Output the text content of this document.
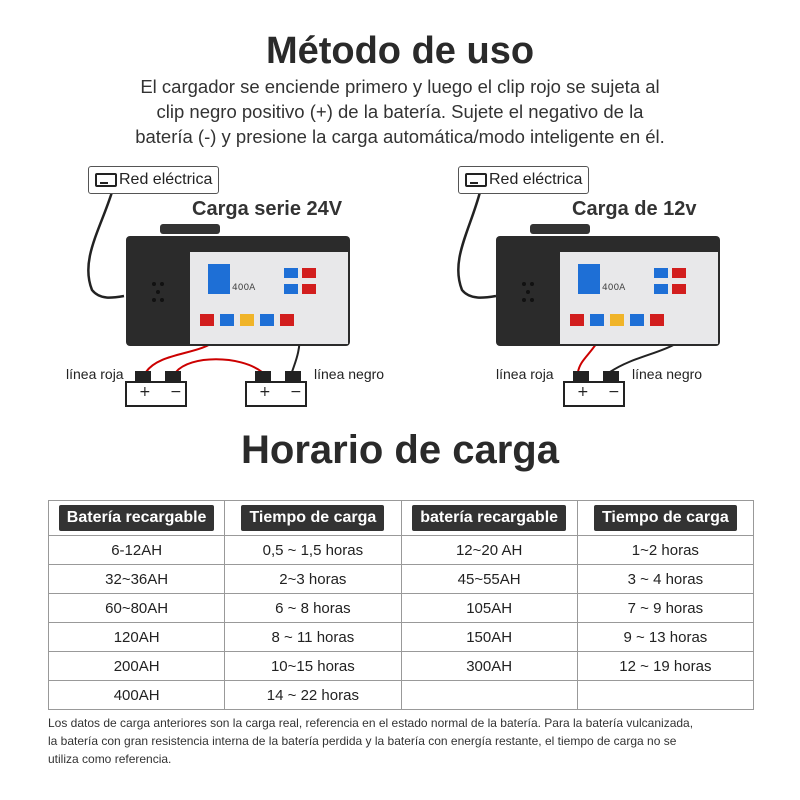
Método de uso
El cargador se enciende primero y luego el clip rojo se sujeta al
clip negro positivo (+) de la batería. Sujete el negativo de la
batería (-) y presione la carga automática/modo inteligente en él.
+ −	+ −	+ −
Red eléctrica
Carga serie 24V
Red eléctrica
Carga de 12v
400A	400A
línea roja	línea negro	línea roja	línea negro
Horario de carga
Batería recargable	Tiempo de carga	batería recargable	Tiempo de carga
6-12AH	0,5 ~ 1,5 horas	12~20 AH	1~2 horas
32~36AH	2~3 horas	45~55AH	3 ~ 4 horas
60~80AH	6 ~ 8 horas	105AH	7 ~ 9 horas
120AH	8 ~ 11 horas	150AH	9 ~ 13 horas
200AH	10~15 horas	300AH	12 ~ 19 horas
400AH	14 ~ 22 horas		
Los datos de carga anteriores son la carga real, referencia en el estado normal de la batería. Para la batería vulcanizada,
la batería con gran resistencia interna de la batería perdida y la batería con energía restante, el tiempo de carga no se
utiliza como referencia.
